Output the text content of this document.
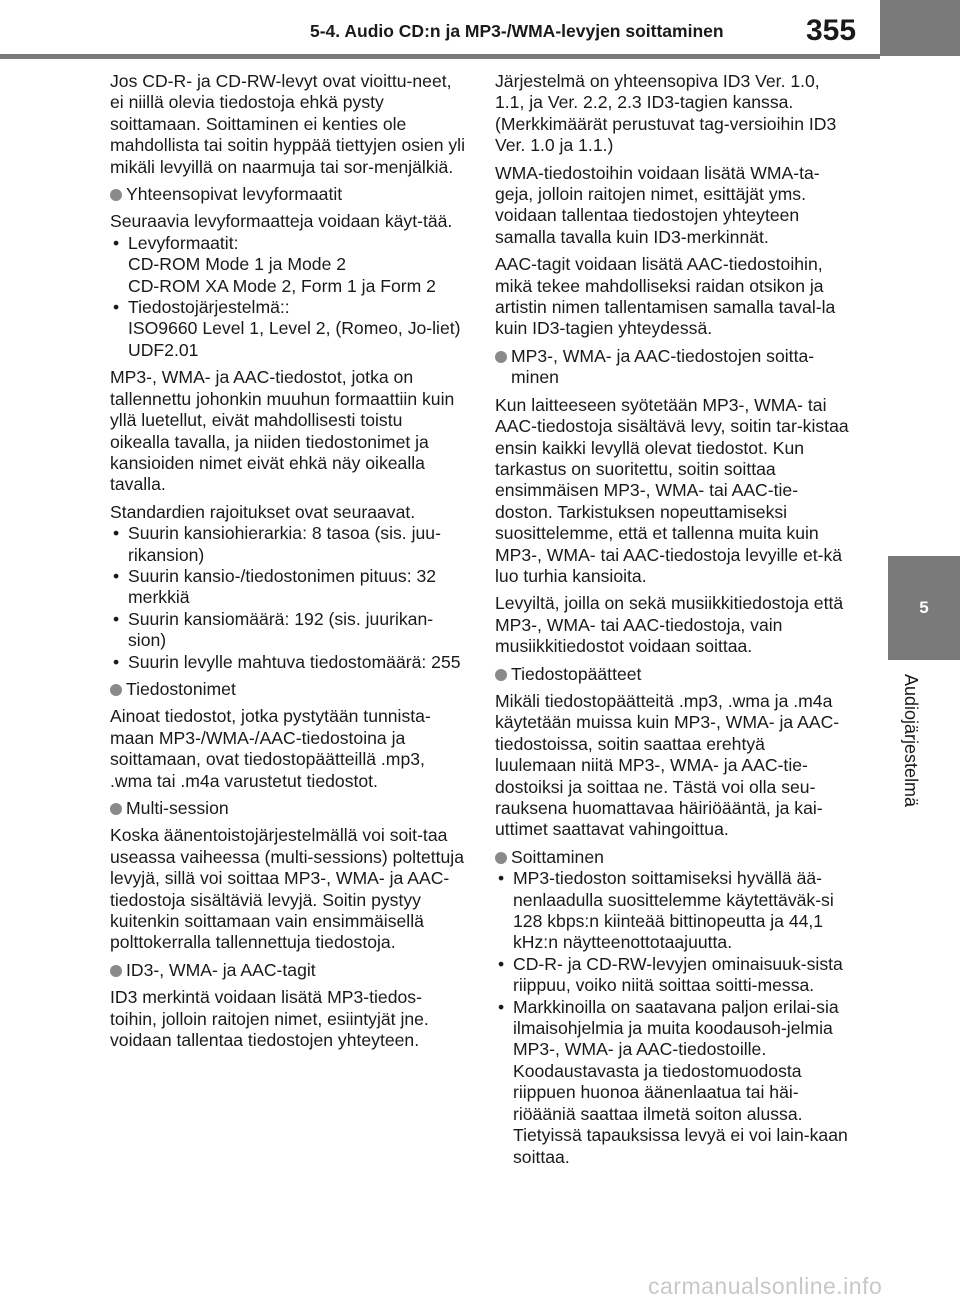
5-4. Audio CD:n ja MP3-/WMA-levyjen soittaminen	355
5
Audiojärjestelmä
Jos CD-R- ja CD-RW-levyt ovat vioittu-neet, ei niillä olevia tiedostoja ehkä pysty soittamaan. Soittaminen ei kenties ole mahdollista tai soitin hyppää tiettyjen osien yli mikäli levyillä on naarmuja tai sor-menjälkiä.
Yhteensopivat levyformaatit
Seuraavia levyformaatteja voidaan käyt-tää.
• Levyformaatit:
CD-ROM Mode 1 ja Mode 2
CD-ROM XA Mode 2, Form 1 ja Form 2
• Tiedostojärjestelmä::
ISO9660 Level 1, Level 2, (Romeo, Jo-liet)
UDF2.01
MP3-, WMA- ja AAC-tiedostot, jotka on tallennettu johonkin muuhun formaattiin kuin yllä luetellut, eivät mahdollisesti toistu oikealla tavalla, ja niiden tiedostonimet ja kansioiden nimet eivät ehkä näy oikealla tavalla.
Standardien rajoitukset ovat seuraavat.
• Suurin kansiohierarkia: 8 tasoa (sis. juu-rikansion)
• Suurin kansio-/tiedostonimen pituus: 32 merkkiä
• Suurin kansiomäärä: 192 (sis. juurikan-sion)
• Suurin levylle mahtuva tiedostomäärä: 255
Tiedostonimet
Ainoat tiedostot, jotka pystytään tunnista-maan MP3-/WMA-/AAC-tiedostoina ja soittamaan, ovat tiedostopäätteillä .mp3, .wma tai .m4a varustetut tiedostot.
Multi-session
Koska äänentoistojärjestelmällä voi soit-taa useassa vaiheessa (multi-sessions) poltettuja levyjä, sillä voi soittaa MP3-, WMA- ja AAC-tiedostoja sisältäviä levyjä. Soitin pystyy kuitenkin soittamaan vain ensimmäisellä polttokerralla tallennettuja tiedostoja.
ID3-, WMA- ja AAC-tagit
ID3 merkintä voidaan lisätä MP3-tiedos-toihin, jolloin raitojen nimet, esiintyjät jne. voidaan tallentaa tiedostojen yhteyteen.
Järjestelmä on yhteensopiva ID3 Ver. 1.0, 1.1, ja Ver. 2.2, 2.3 ID3-tagien kanssa. (Merkkimäärät perustuvat tag-versioihin ID3 Ver. 1.0 ja 1.1.)
WMA-tiedostoihin voidaan lisätä WMA-ta-geja, jolloin raitojen nimet, esittäjät yms. voidaan tallentaa tiedostojen yhteyteen samalla tavalla kuin ID3-merkinnät.
AAC-tagit voidaan lisätä AAC-tiedostoihin, mikä tekee mahdolliseksi raidan otsikon ja artistin nimen tallentamisen samalla taval-la kuin ID3-tagien yhteydessä.
MP3-, WMA- ja AAC-tiedostojen soitta-minen
Kun laitteeseen syötetään MP3-, WMA- tai AAC-tiedostoja sisältävä levy, soitin tar-kistaa ensin kaikki levyllä olevat tiedostot. Kun tarkastus on suoritettu, soitin soittaa ensimmäisen MP3-, WMA- tai AAC-tie-doston. Tarkistuksen nopeuttamiseksi suosittelemme, että et tallenna muita kuin MP3-, WMA- tai AAC-tiedostoja levyille et-kä luo turhia kansioita.
Levyiltä, joilla on sekä musiikkitiedostoja että MP3-, WMA- tai AAC-tiedostoja, vain musiikkitiedostot voidaan soittaa.
Tiedostopäätteet
Mikäli tiedostopäätteitä .mp3, .wma ja .m4a käytetään muissa kuin MP3-, WMA- ja AAC-tiedostoissa, soitin saattaa erehtyä luulemaan niitä MP3-, WMA- ja AAC-tie-dostoiksi ja soittaa ne. Tästä voi olla seu-rauksena huomattavaa häiriöääntä, ja kai-uttimet saattavat vahingoittua.
Soittaminen
• MP3-tiedoston soittamiseksi hyvällä ää-nenlaadulla suosittelemme käytettäväk-si 128 kbps:n kiinteää bittinopeutta ja 44,1 kHz:n näytteenottotaajuutta.
• CD-R- ja CD-RW-levyjen ominaisuuk-sista riippuu, voiko niitä soittaa soitti-messa.
• Markkinoilla on saatavana paljon erilai-sia ilmaisohjelmia ja muita koodausoh-jelmia MP3-, WMA- ja AAC-tiedostoille. Koodaustavasta ja tiedostomuodosta riippuen huonoa äänenlaatua tai häi-riöääniä saattaa ilmetä soiton alussa. Tietyissä tapauksissa levyä ei voi lain-kaan soittaa.
carmanualsonline.info
